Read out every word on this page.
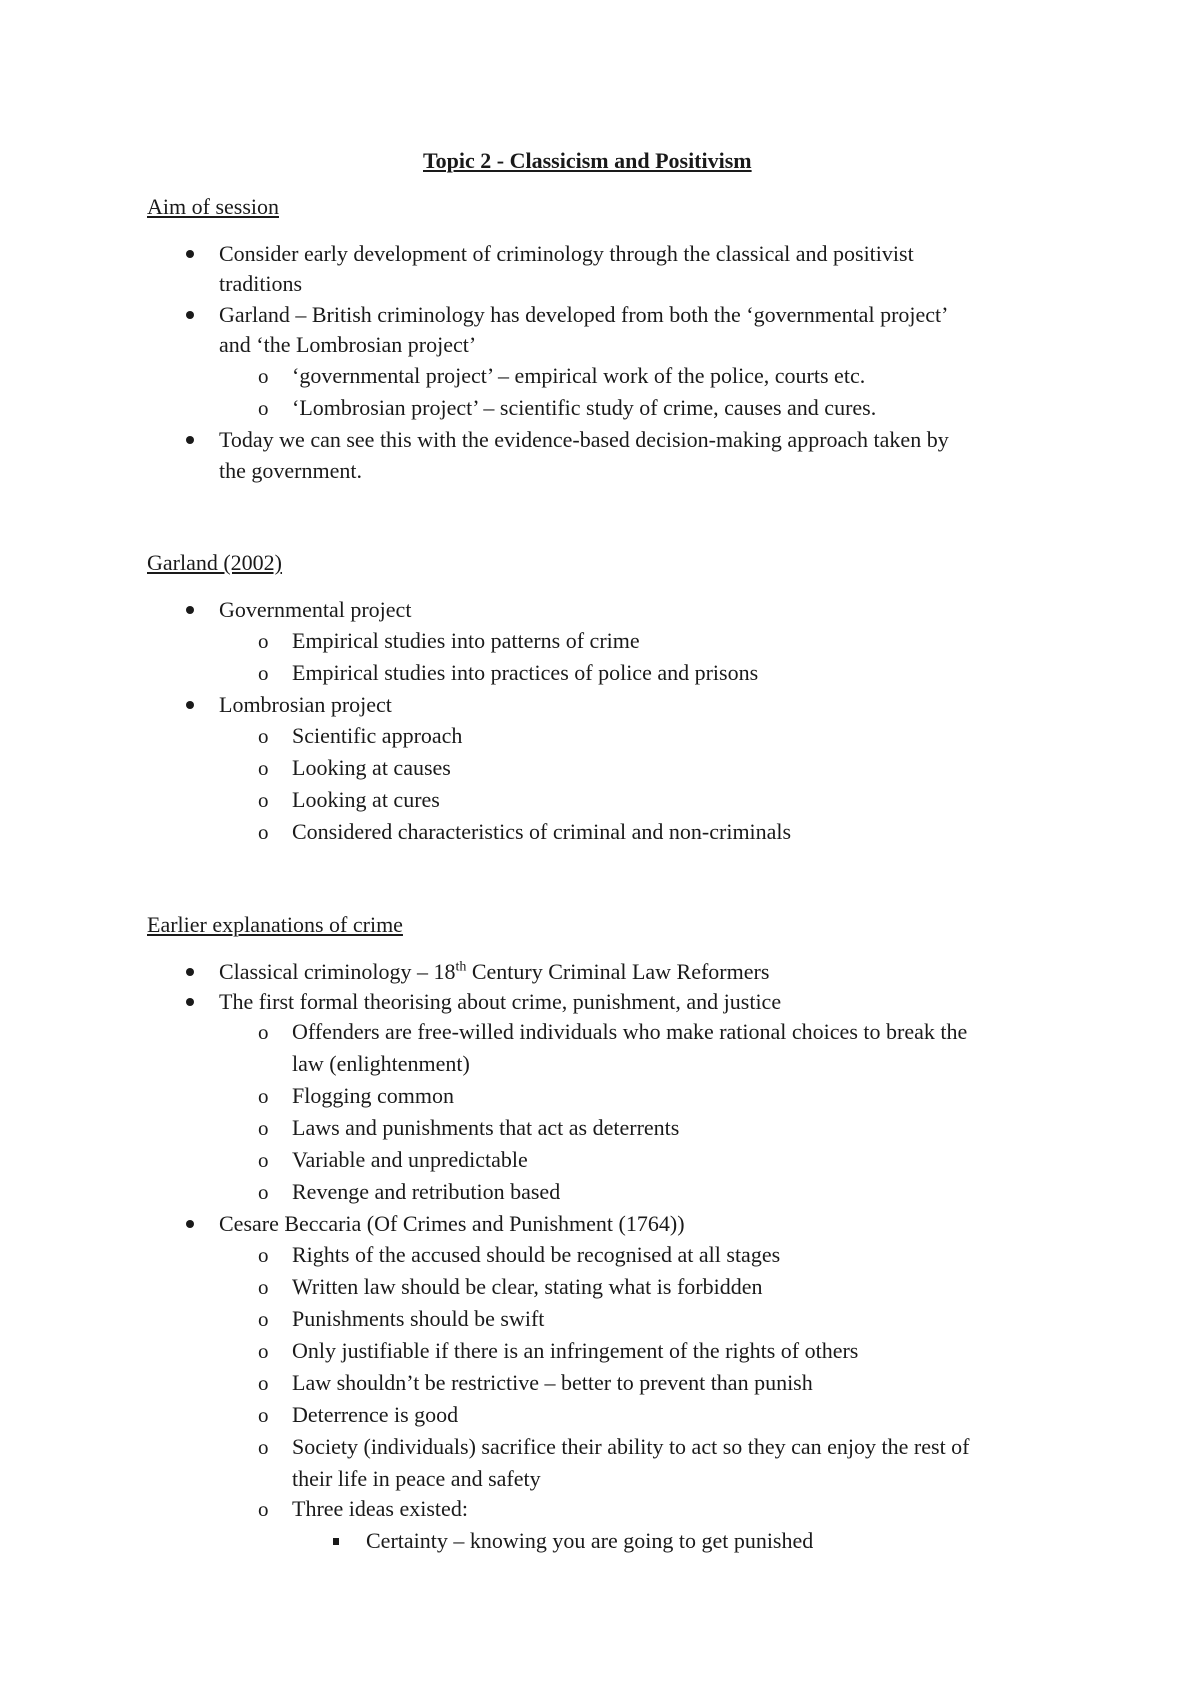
Topic 2 - Classicism and Positivism
Aim of session
Consider early development of criminology through the classical and positivist
traditions
Garland – British criminology has developed from both the ‘governmental project’
and ‘the Lombrosian project’
o ‘governmental project’ – empirical work of the police, courts etc.
o ‘Lombrosian project’ – scientific study of crime, causes and cures.
Today we can see this with the evidence-based decision-making approach taken by
the government.
Garland (2002)
Governmental project
o Empirical studies into patterns of crime
o Empirical studies into practices of police and prisons
Lombrosian project
o Scientific approach
o Looking at causes
o Looking at cures
o Considered characteristics of criminal and non-criminals
Earlier explanations of crime
Classical criminology – 18th Century Criminal Law Reformers
The first formal theorising about crime, punishment, and justice
o Offenders are free-willed individuals who make rational choices to break the
law (enlightenment)
o Flogging common
o Laws and punishments that act as deterrents
o Variable and unpredictable
o Revenge and retribution based
Cesare Beccaria (Of Crimes and Punishment (1764))
o Rights of the accused should be recognised at all stages
o Written law should be clear, stating what is forbidden
o Punishments should be swift
o Only justifiable if there is an infringement of the rights of others
o Law shouldn’t be restrictive – better to prevent than punish
o Deterrence is good
o Society (individuals) sacrifice their ability to act so they can enjoy the rest of
their life in peace and safety
o Three ideas existed:
Certainty – knowing you are going to get punished
